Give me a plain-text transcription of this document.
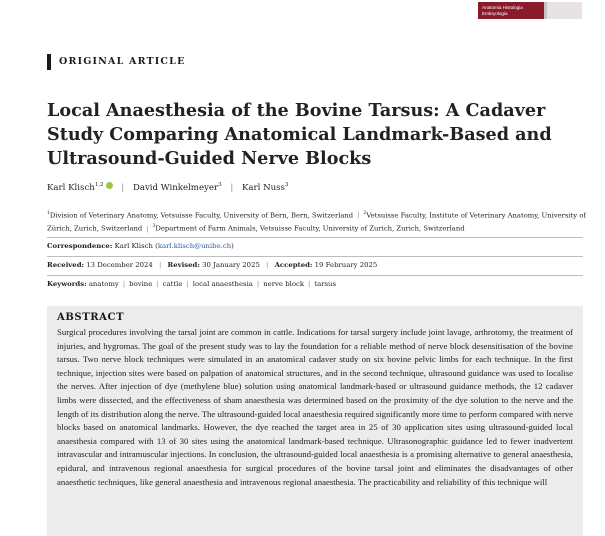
Anatomia Histologia
Embryologia
ORIGINAL ARTICLE
Local Anaesthesia of the Bovine Tarsus: A Cadaver Study Comparing Anatomical Landmark-Based and Ultrasound-Guided Nerve Blocks
Karl Klisch$^{1,2}$ | David Winkelmeyer$^3$ | Karl Nuss$^3$
$^1$Division of Veterinary Anatomy, Vetsuisse Faculty, University of Bern, Bern, Switzerland | $^2$Vetsuisse Faculty, Institute of Veterinary Anatomy, University of Zürich, Zurich, Switzerland | $^3$Department of Farm Animals, Vetsuisse Faculty, University of Zurich, Zurich, Switzerland
Correspondence: Karl Klisch (karl.klisch@unibe.ch)
Received: 13 December 2024 | Revised: 30 January 2025 | Accepted: 19 February 2025
Keywords: anatomy | bovine | cattle | local anaesthesia | nerve block | tarsus
ABSTRACT

Surgical procedures involving the tarsal joint are common in cattle. Indications for tarsal surgery include joint lavage, arthrotomy, the treatment of injuries, and hygromas. The goal of the present study was to lay the foundation for a reliable method of nerve block desensitisation of the bovine tarsus. Two nerve block techniques were simulated in an anatomical cadaver study on six bovine pelvic limbs for each technique. In the first technique, injection sites were based on palpation of anatomical structures, and in the second technique, ultrasound guidance was used to localise the nerves. After injection of dye (methylene blue) solution using anatomical landmark-based or ultrasound guidance methods, the 12 cadaver limbs were dissected, and the effectiveness of sham anaesthesia was determined based on the proximity of the dye solution to the nerve and the length of its distribution along the nerve. The ultrasound-guided local anaesthesia required significantly more time to perform compared with nerve blocks based on anatomical landmarks. However, the dye reached the target area in 25 of 30 application sites using ultrasound-guided local anaesthesia compared with 13 of 30 sites using the anatomical landmark-based technique. Ultrasonographic guidance led to fewer inadvertent intravascular and intramuscular injections. In conclusion, the ultrasound-guided local anaesthesia is a promising alternative to general anaesthesia, epidural, and intravenous regional anaesthesia for surgical procedures of the bovine tarsal joint and eliminates the disadvantages of other anaesthetic techniques, like general anaesthesia and intravenous regional anaesthesia. The practicability and reliability of this technique will
